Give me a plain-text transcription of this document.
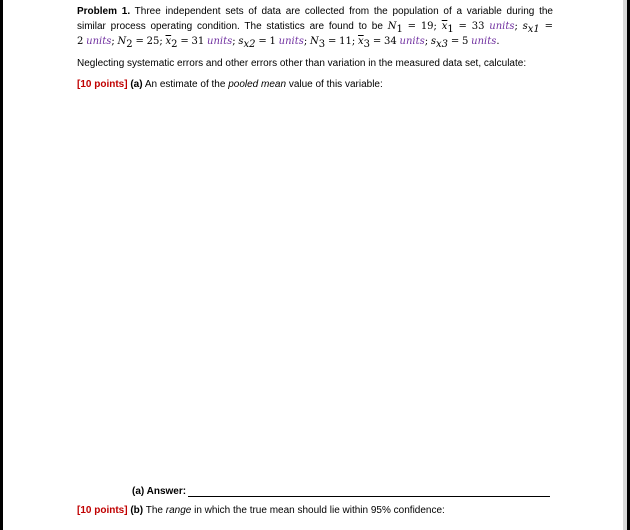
Problem 1. Three independent sets of data are collected from the population of a variable during the
similar process operating condition. The statistics are found to be $N_1 = 19$; $\overline{x}_1 = 33$ units; $s_{x1}$ =
2 units; $N_2 = 25$; $\overline{x}_2 = 31$ units; $s_{x2} = 1$ units; $N_3 = 11$; $\overline{x}_3 = 34$ units; $s_{x3} = 5$ units.

Neglecting systematic errors and other errors other than variation in the measured data set, calculate:

[10 points] (a) An estimate of the pooled mean value of this variable:

(a) Answer:
[10 points] (b) The range in which the true mean should lie within 95% confidence:
